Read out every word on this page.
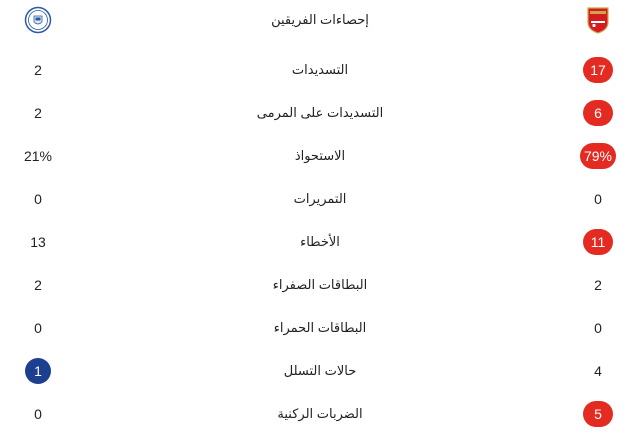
إحصاءات الفريقين
2	التسديدات	17
2	التسديدات على المرمى	6
21%	الاستحواذ	79%
0	التمريرات	0
13	الأخطاء	11
2	البطاقات الصفراء	2
0	البطاقات الحمراء	0
1	حالات التسلل	4
0	الضربات الركنية	5
